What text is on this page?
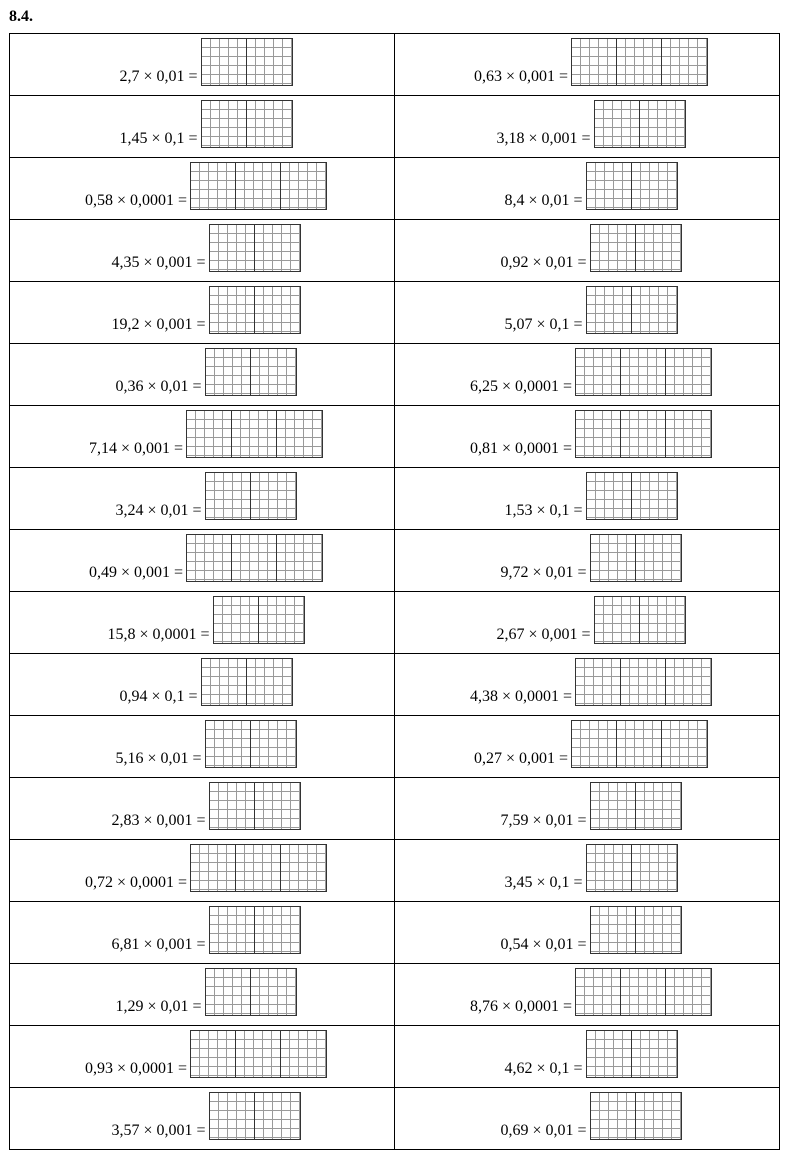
8.4.
2,7 × 0,01 =	0,63 × 0,001 =

1,45 × 0,1 =	3,18 × 0,001 =

0,58 × 0,0001 =	8,4 × 0,01 =

4,35 × 0,001 =	0,92 × 0,01 =

19,2 × 0,001 =	5,07 × 0,1 =

0,36 × 0,01 =	6,25 × 0,0001 =

7,14 × 0,001 =	0,81 × 0,0001 =

3,24 × 0,01 =	1,53 × 0,1 =

0,49 × 0,001 =	9,72 × 0,01 =

15,8 × 0,0001 =	2,67 × 0,001 =

0,94 × 0,1 =	4,38 × 0,0001 =

5,16 × 0,01 =	0,27 × 0,001 =

2,83 × 0,001 =	7,59 × 0,01 =

0,72 × 0,0001 =	3,45 × 0,1 =

6,81 × 0,001 =	0,54 × 0,01 =

1,29 × 0,01 =	8,76 × 0,0001 =

0,93 × 0,0001 =	4,62 × 0,1 =

3,57 × 0,001 =	0,69 × 0,01 =
